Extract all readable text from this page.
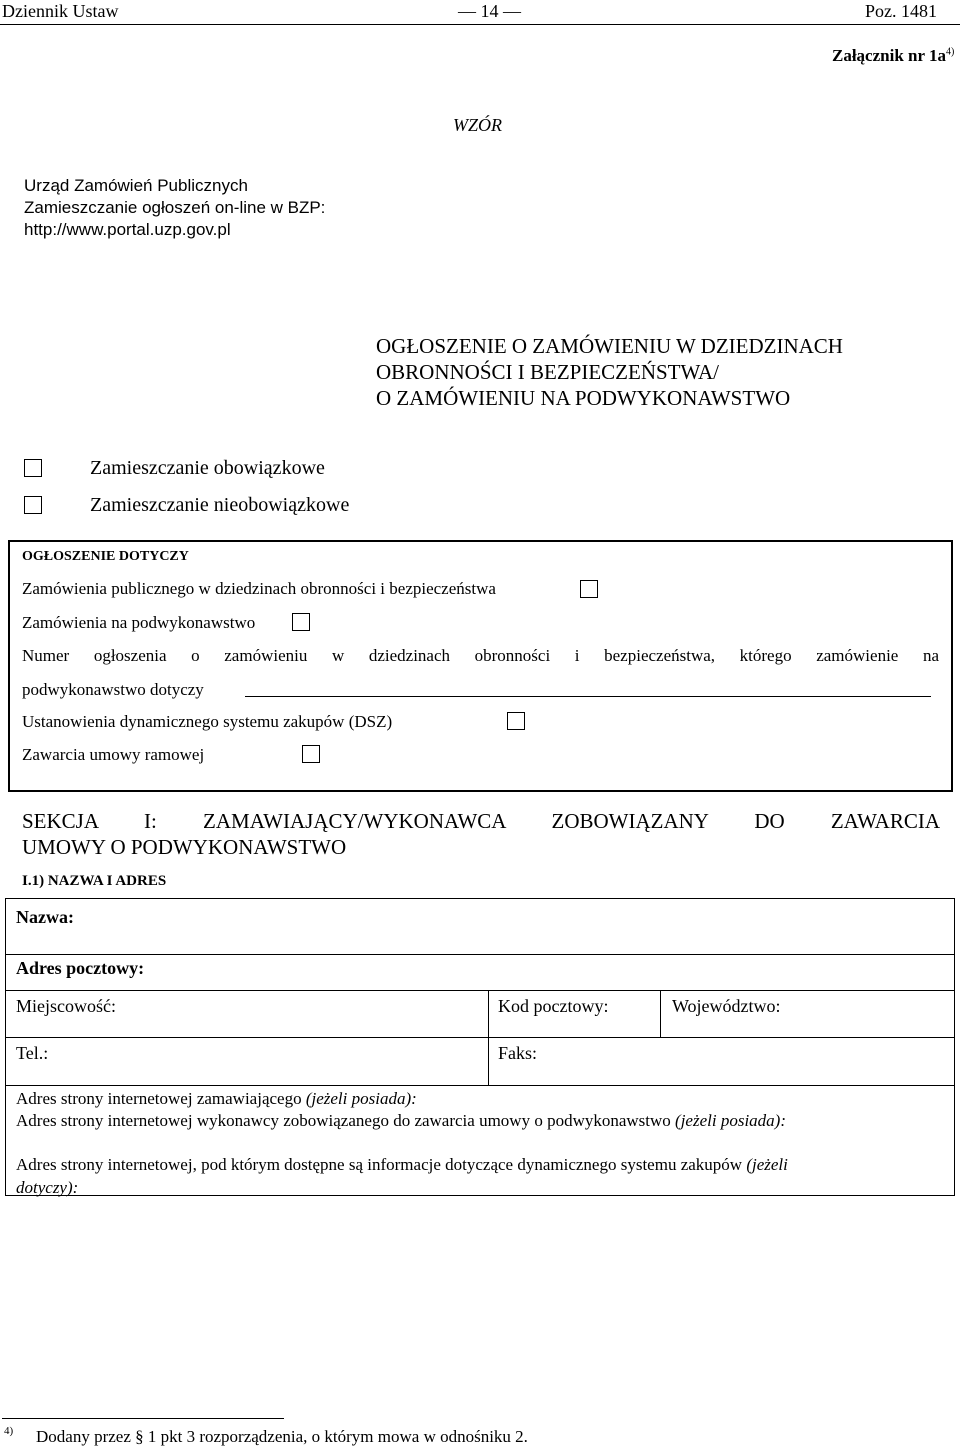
Dziennik Ustaw	— 14 —	Poz. 1481
Załącznik nr $1a^{4)}$
WZÓR
Urząd Zamówień Publicznych
Zamieszczanie ogłoszeń on-line w BZP:
http://www.portal.uzp.gov.pl
OGŁOSZENIE O ZAMÓWIENIU W DZIEDZINACH
OBRONNOŚCI I BEZPIECZEŃSTWA/
O ZAMÓWIENIU NA PODWYKONAWSTWO
Zamieszczanie obowiązkowe
Zamieszczanie nieobowiązkowe
OGŁOSZENIE DOTYCZY
Zamówienia publicznego w dziedzinach obronności i bezpieczeństwa
Zamówienia na podwykonawstwo
Numer ogłoszenia o zamówieniu w dziedzinach obronności i bezpieczeństwa, którego zamówienie na
podwykonawstwo dotyczy
Ustanowienia dynamicznego systemu zakupów (DSZ)
Zawarcia umowy ramowej
SEKCJA I: ZAMAWIAJĄCY/WYKONAWCA ZOBOWIĄZANY DO ZAWARCIA
UMOWY O PODWYKONAWSTWO
I.1) NAZWA I ADRES
Nazwa:
Adres pocztowy:
Miejscowość:	Kod pocztowy:	Województwo:
Tel.:	Faks:
Adres strony internetowej zamawiającego (jeżeli posiada):
Adres strony internetowej wykonawcy zobowiązanego do zawarcia umowy o podwykonawstwo (jeżeli posiada):
Adres strony internetowej, pod którym dostępne są informacje dotyczące dynamicznego systemu zakupów (jeżeli
dotyczy):
4) Dodany przez § 1 pkt 3 rozporządzenia, o którym mowa w odnośniku 2.
